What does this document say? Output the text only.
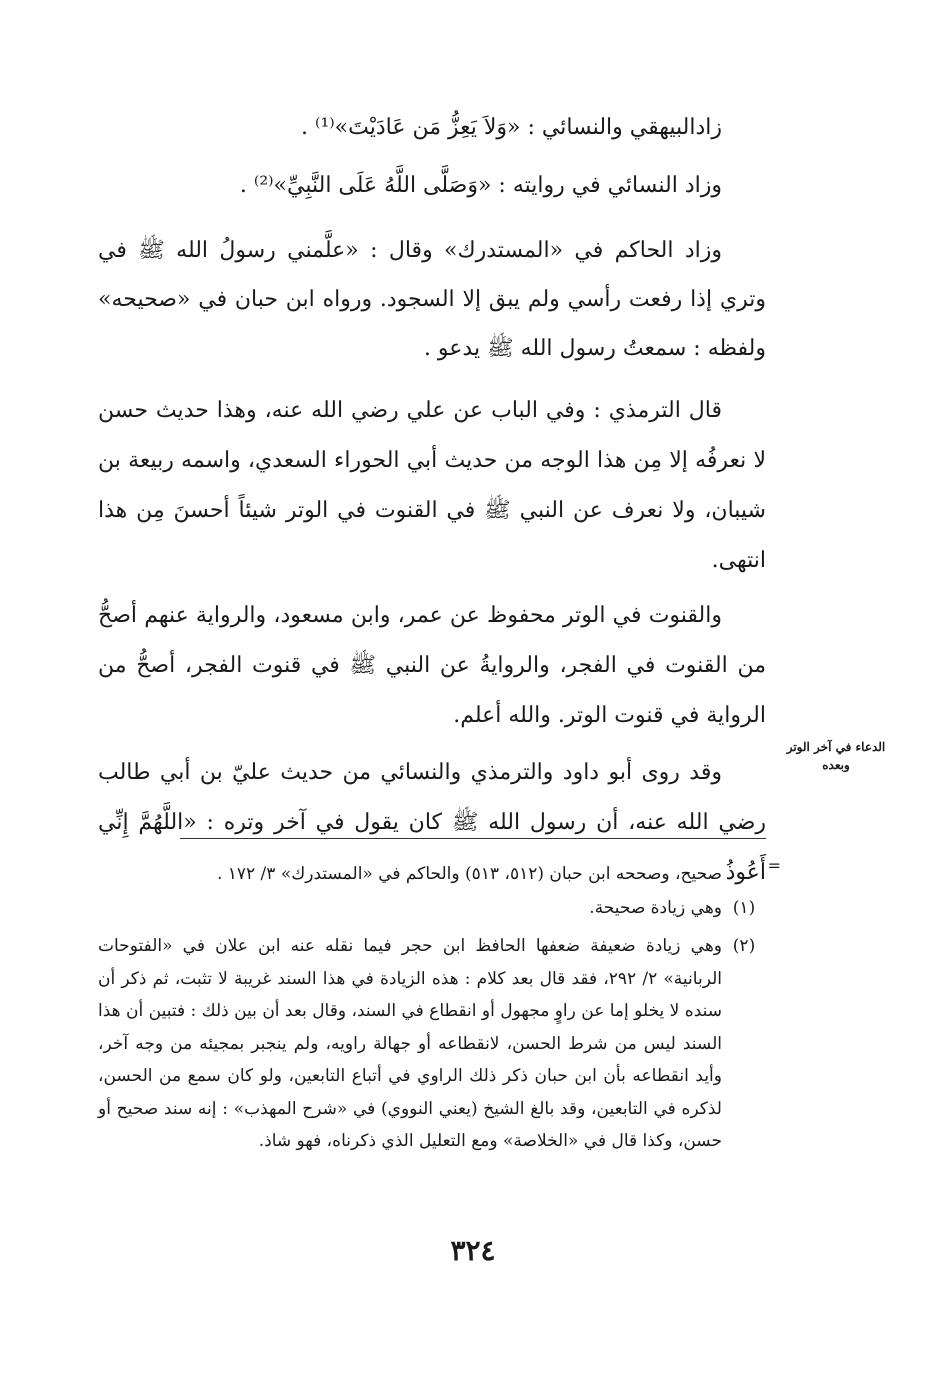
زادالبيهقي والنسائي : «وَلاَ يَعِزُّ مَن عَادَيْتَ»⁽¹⁾ .

وزاد النسائي في روايته : «وَصَلَّى اللَّهُ عَلَى النَّبِيِّ»⁽²⁾ .

وزاد الحاكم في «المستدرك» وقال : «علَّمني رسولُ الله ﷺ في وتري إذا رفعت رأسي ولم يبق إلا السجود. ورواه ابن حبان في «صحيحه» ولفظه : سمعتُ رسول الله ﷺ يدعو .

قال الترمذي : وفي الباب عن علي رضي الله عنه، وهذا حديث حسن لا نعرفُه إلا مِن هذا الوجه من حديث أبي الحوراء السعدي، واسمه ربيعة بن شيبان، ولا نعرف عن النبي ﷺ في القنوت في الوتر شيئاً أحسنَ مِن هذا انتهى.

والقنوت في الوتر محفوظ عن عمر، وابن مسعود، والرواية عنهم أصحُّ من القنوت في الفجر، والروايةُ عن النبي ﷺ في قنوت الفجر، أصحُّ من الرواية في قنوت الوتر. والله أعلم.

وقد روى أبو داود والترمذي والنسائي من حديث عليّ بن أبي طالب رضي الله عنه، أن رسول الله ﷺ كان يقول في آخر وتره : «اللَّهُمَّ إِنِّي أَعُوذُ

الدعاء في آخر الوتر وبعده
=
صحيح، وصححه ابن حبان (٥١٢، ٥١٣) والحاكم في «المستدرك» ٣/ ١٧٢ .
(١)
وهي زيادة صحيحة.
(٢)
وهي زيادة ضعيفة ضعفها الحافظ ابن حجر فيما نقله عنه ابن علان في «الفتوحات الربانية» ٢/ ٢٩٢، فقد قال بعد كلام : هذه الزيادة في هذا السند غريبة لا تثبت، ثم ذكر أن سنده لا يخلو إما عن راوٍ مجهول أو انقطاع في السند، وقال بعد أن بين ذلك : فتبين أن هذا السند ليس من شرط الحسن، لانقطاعه أو جهالة راويه، ولم ينجبر بمجيئه من وجه آخر، وأيد انقطاعه بأن ابن حبان ذكر ذلك الراوي في أتباع التابعين، ولو كان سمع من الحسن، لذكره في التابعين، وقد بالغ الشيخ (يعني النووي) في «شرح المهذب» : إنه سند صحيح أو حسن، وكذا قال في «الخلاصة» ومع التعليل الذي ذكرناه، فهو شاذ.
٣٢٤
